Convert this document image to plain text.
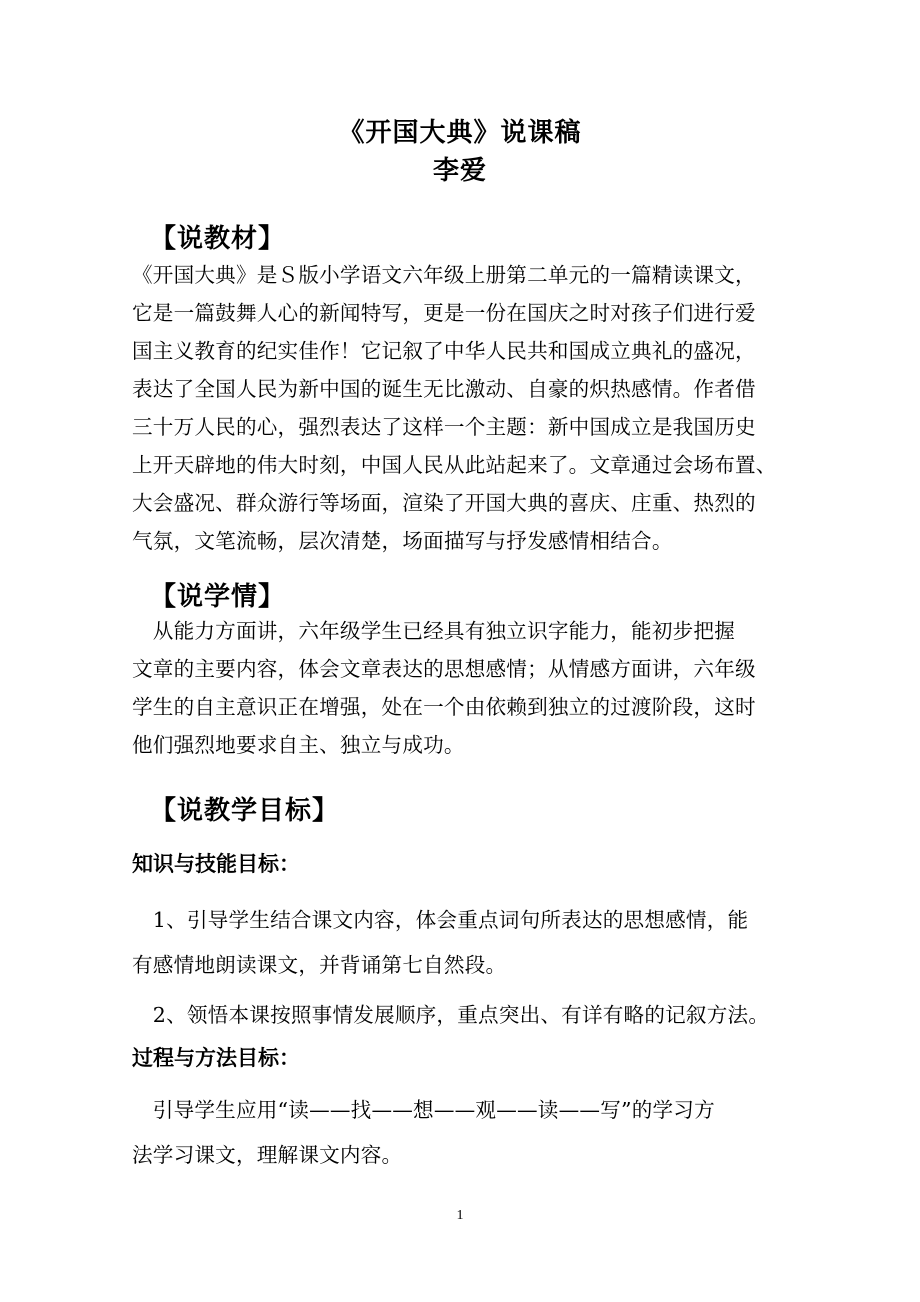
《开国大典》说课稿
李爱
【说教材】
《开国大典》是Ｓ版小学语文六年级上册第二单元的一篇精读课文，
它是一篇鼓舞人心的新闻特写，更是一份在国庆之时对孩子们进行爱
国主义教育的纪实佳作！它记叙了中华人民共和国成立典礼的盛况，
表达了全国人民为新中国的诞生无比激动、自豪的炽热感情。作者借
三十万人民的心，强烈表达了这样一个主题：新中国成立是我国历史
上开天辟地的伟大时刻，中国人民从此站起来了。文章通过会场布置、
大会盛况、群众游行等场面，渲染了开国大典的喜庆、庄重、热烈的
气氛，文笔流畅，层次清楚，场面描写与抒发感情相结合。
【说学情】
　从能力方面讲，六年级学生已经具有独立识字能力，能初步把握
文章的主要内容，体会文章表达的思想感情；从情感方面讲，六年级
学生的自主意识正在增强，处在一个由依赖到独立的过渡阶段，这时
他们强烈地要求自主、独立与成功。
【说教学目标】
知识与技能目标：
　1、引导学生结合课文内容，体会重点词句所表达的思想感情，能
有感情地朗读课文，并背诵第七自然段。
　2、领悟本课按照事情发展顺序，重点突出、有详有略的记叙方法。
过程与方法目标：
　引导学生应用“读——找——想——观——读——写”的学习方
法学习课文，理解课文内容。
1
